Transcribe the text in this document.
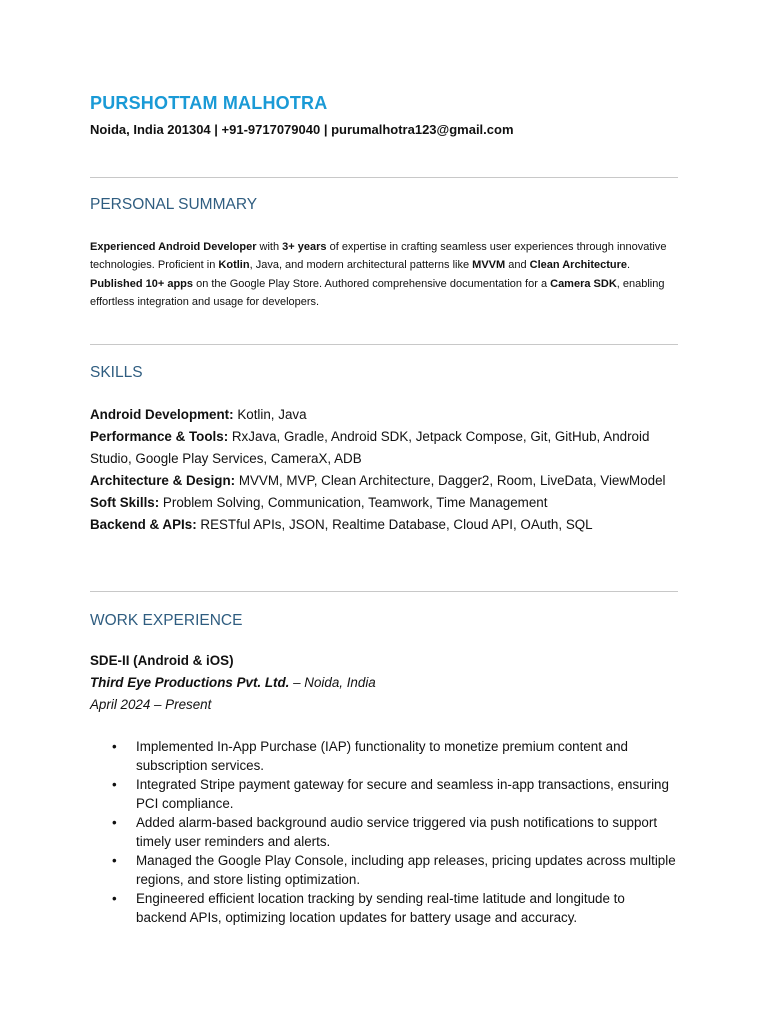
PURSHOTTAM MALHOTRA

Noida, India 201304 | +91-9717079040 | purumalhotra123@gmail.com

PERSONAL SUMMARY

Experienced Android Developer with 3+ years of expertise in crafting seamless user experiences through innovative technologies. Proficient in Kotlin, Java, and modern architectural patterns like MVVM and Clean Architecture. Published 10+ apps on the Google Play Store. Authored comprehensive documentation for a Camera SDK, enabling effortless integration and usage for developers.

SKILLS
Android Development: Kotlin, Java
Performance & Tools: RxJava, Gradle, Android SDK, Jetpack Compose, Git, GitHub, Android Studio, Google Play Services, CameraX, ADB
Architecture & Design: MVVM, MVP, Clean Architecture, Dagger2, Room, LiveData, ViewModel
Soft Skills: Problem Solving, Communication, Teamwork, Time Management
Backend & APIs: RESTful APIs, JSON, Realtime Database, Cloud API, OAuth, SQL
WORK EXPERIENCE

SDE-II (Android & iOS)

Third Eye Productions Pvt. Ltd. – Noida, India

April 2024 – Present

• Implemented In-App Purchase (IAP) functionality to monetize premium content and subscription services.
• Integrated Stripe payment gateway for secure and seamless in-app transactions, ensuring PCI compliance.
• Added alarm-based background audio service triggered via push notifications to support timely user reminders and alerts.
• Managed the Google Play Console, including app releases, pricing updates across multiple regions, and store listing optimization.
• Engineered efficient location tracking by sending real-time latitude and longitude to backend APIs, optimizing location updates for battery usage and accuracy.
